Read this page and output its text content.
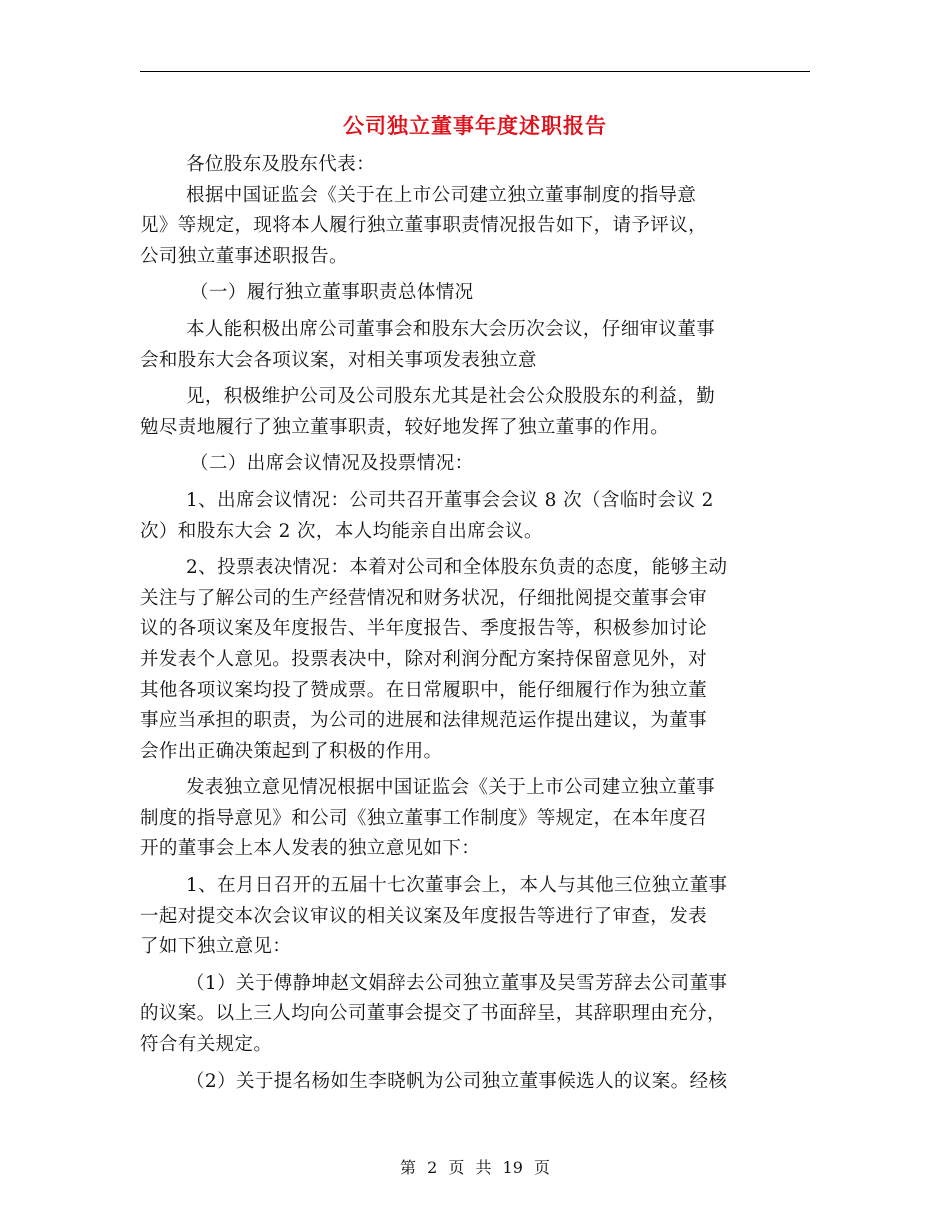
公司独立董事年度述职报告
各位股东及股东代表：
根据中国证监会《关于在上市公司建立独立董事制度的指导意
见》等规定，现将本人履行独立董事职责情况报告如下，请予评议，
公司独立董事述职报告。
（一）履行独立董事职责总体情况
本人能积极出席公司董事会和股东大会历次会议，仔细审议董事
会和股东大会各项议案，对相关事项发表独立意
见，积极维护公司及公司股东尤其是社会公众股股东的利益，勤
勉尽责地履行了独立董事职责，较好地发挥了独立董事的作用。
（二）出席会议情况及投票情况：
1、出席会议情况：公司共召开董事会会议 8 次（含临时会议 2
次）和股东大会 2 次，本人均能亲自出席会议。
2、投票表决情况：本着对公司和全体股东负责的态度，能够主动
关注与了解公司的生产经营情况和财务状况，仔细批阅提交董事会审
议的各项议案及年度报告、半年度报告、季度报告等，积极参加讨论
并发表个人意见。投票表决中，除对利润分配方案持保留意见外，对
其他各项议案均投了赞成票。在日常履职中，能仔细履行作为独立董
事应当承担的职责，为公司的进展和法律规范运作提出建议，为董事
会作出正确决策起到了积极的作用。
发表独立意见情况根据中国证监会《关于上市公司建立独立董事
制度的指导意见》和公司《独立董事工作制度》等规定，在本年度召
开的董事会上本人发表的独立意见如下：
1、在月日召开的五届十七次董事会上，本人与其他三位独立董事
一起对提交本次会议审议的相关议案及年度报告等进行了审查，发表
了如下独立意见：
（1）关于傅静坤赵文娟辞去公司独立董事及吴雪芳辞去公司董事
的议案。以上三人均向公司董事会提交了书面辞呈，其辞职理由充分，
符合有关规定。
（2）关于提名杨如生李晓帆为公司独立董事候选人的议案。经核
第 2 页 共 19 页
